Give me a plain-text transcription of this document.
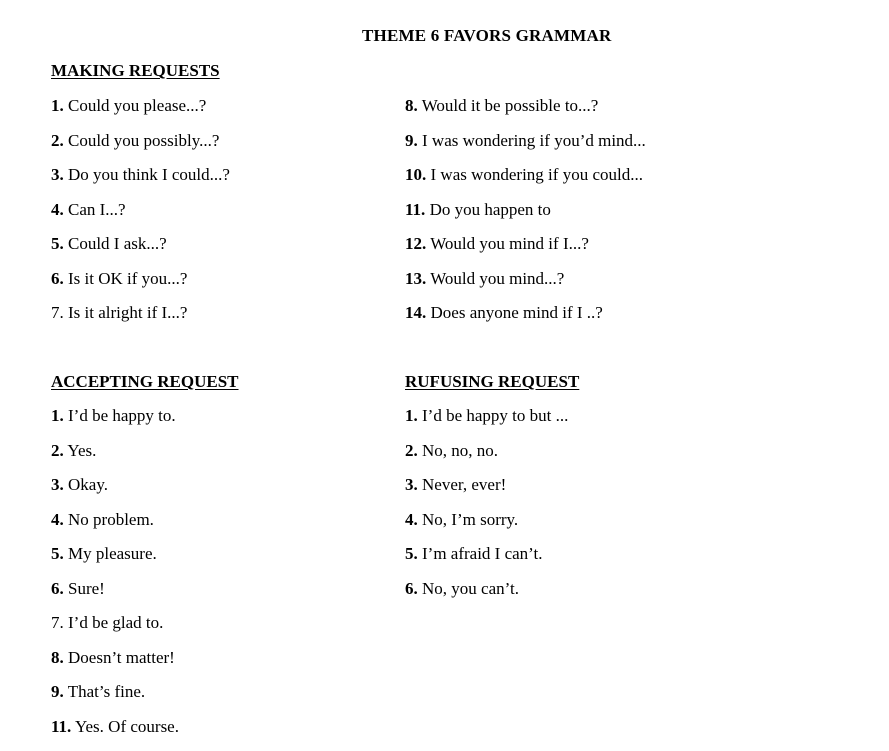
THEME 6 FAVORS GRAMMAR
MAKING REQUESTS
1. Could you please...?
2. Could you possibly...?
3. Do you think I could...?
4. Can I...?
5. Could I ask...?
6. Is it OK if you...?
7. Is it alright if I...?
8. Would it be possible to...?
9. I was wondering if you’d mind...
10. I was wondering if you could...
11. Do you happen to
12. Would you mind if I...?
13. Would you mind...?
14. Does anyone mind if I ..?
ACCEPTING REQUEST
1. I’d be happy to.
2. Yes.
3. Okay.
4. No problem.
5. My pleasure.
6. Sure!
7. I’d be glad to.
8. Doesn’t matter!
9. That’s fine.
11. Yes. Of course.
RUFUSING REQUEST
1. I’d be happy to but ...
2. No, no, no.
3. Never, ever!
4. No, I’m sorry.
5. I’m afraid I can’t.
6. No, you can’t.
